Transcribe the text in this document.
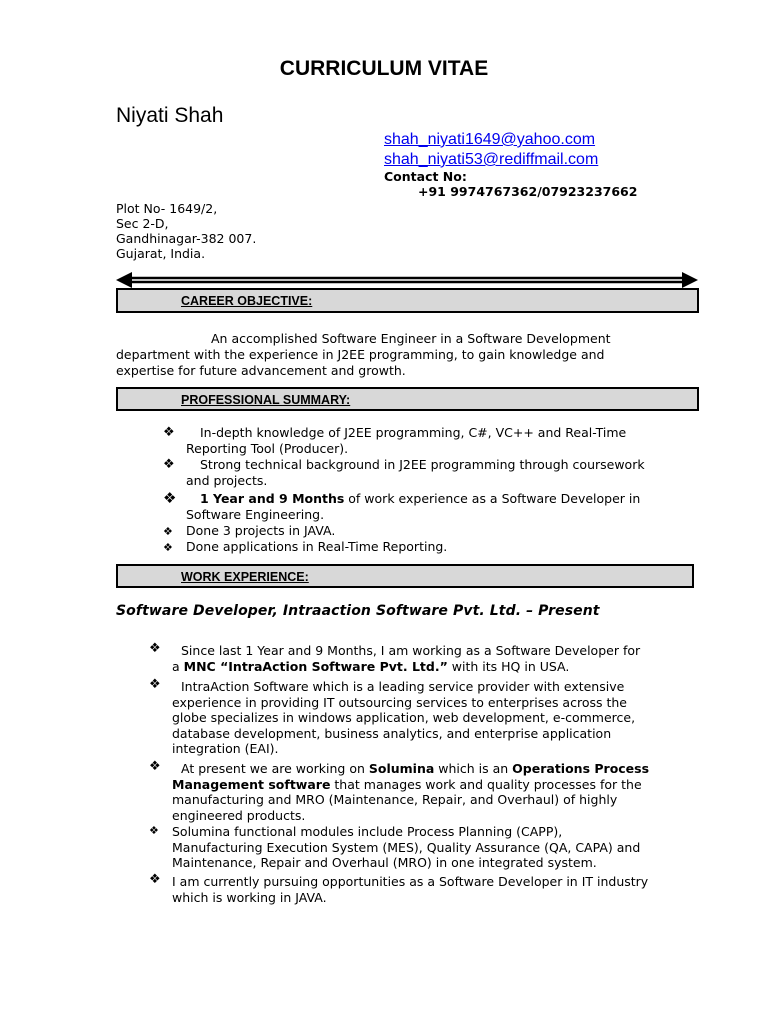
CURRICULUM VITAE
Niyati Shah
shah_niyati1649@yahoo.com
shah_niyati53@rediffmail.com
Contact No:
+91 9974767362/07923237662
Plot No- 1649/2,
Sec 2-D,
Gandhinagar-382 007.
Gujarat, India.
CAREER OBJECTIVE:
An accomplished Software Engineer in a Software Development
department with the experience in J2EE programming, to gain knowledge and
expertise for future advancement and growth.
PROFESSIONAL SUMMARY:
❖ In-depth knowledge of J2EE programming, C#, VC++ and Real-Time
Reporting Tool (Producer).
❖ Strong technical background in J2EE programming through coursework
and projects.
❖ 1 Year and 9 Months of work experience as a Software Developer in
Software Engineering.
❖ Done 3 projects in JAVA.
❖ Done applications in Real-Time Reporting.
WORK EXPERIENCE:
Software Developer, Intraaction Software Pvt. Ltd. – Present
❖ Since last 1 Year and 9 Months, I am working as a Software Developer for
a MNC “IntraAction Software Pvt. Ltd.” with its HQ in USA.
❖ IntraAction Software which is a leading service provider with extensive
experience in providing IT outsourcing services to enterprises across the
globe specializes in windows application, web development, e-commerce,
database development, business analytics, and enterprise application
integration (EAI).
❖ At present we are working on Solumina which is an Operations Process
Management software that manages work and quality processes for the
manufacturing and MRO (Maintenance, Repair, and Overhaul) of highly
engineered products.
❖ Solumina functional modules include Process Planning (CAPP),
Manufacturing Execution System (MES), Quality Assurance (QA, CAPA) and
Maintenance, Repair and Overhaul (MRO) in one integrated system.
❖ I am currently pursuing opportunities as a Software Developer in IT industry
which is working in JAVA.
